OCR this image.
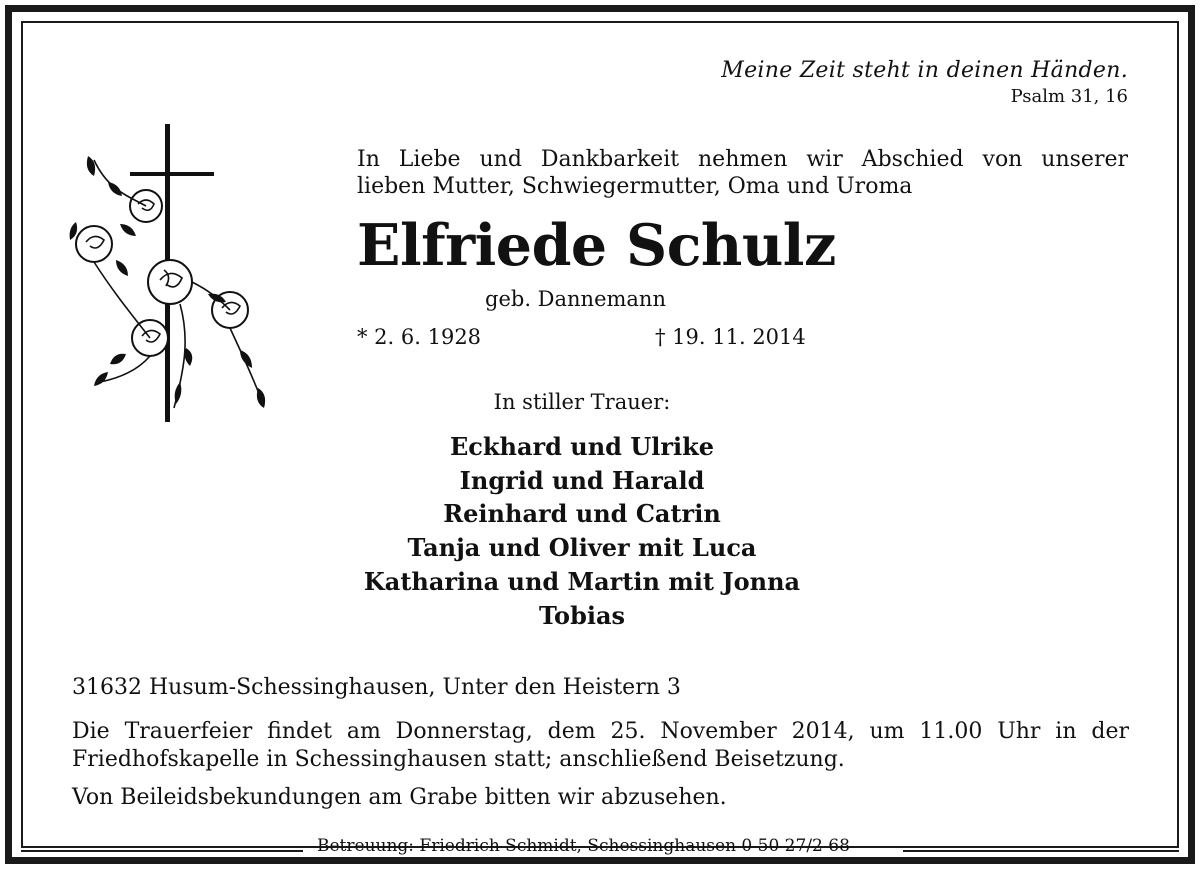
Meine Zeit steht in deinen Händen.
Psalm 31, 16
In Liebe und Dankbarkeit nehmen wir Abschied von unserer
lieben Mutter, Schwiegermutter, Oma und Uroma
Elfriede Schulz
geb. Dannemann
* 2. 6. 1928	† 19. 11. 2014
In stiller Trauer:
Eckhard und Ulrike
Ingrid und Harald
Reinhard und Catrin
Tanja und Oliver mit Luca
Katharina und Martin mit Jonna
Tobias
31632 Husum-Schessinghausen, Unter den Heistern 3
Die Trauerfeier findet am Donnerstag, dem 25. November 2014, um 11.00 Uhr in der
Friedhofskapelle in Schessinghausen statt; anschließend Beisetzung.
Von Beileidsbekundungen am Grabe bitten wir abzusehen.
Betreuung: Friedrich Schmidt, Schessinghausen 0 50 27/2 68
